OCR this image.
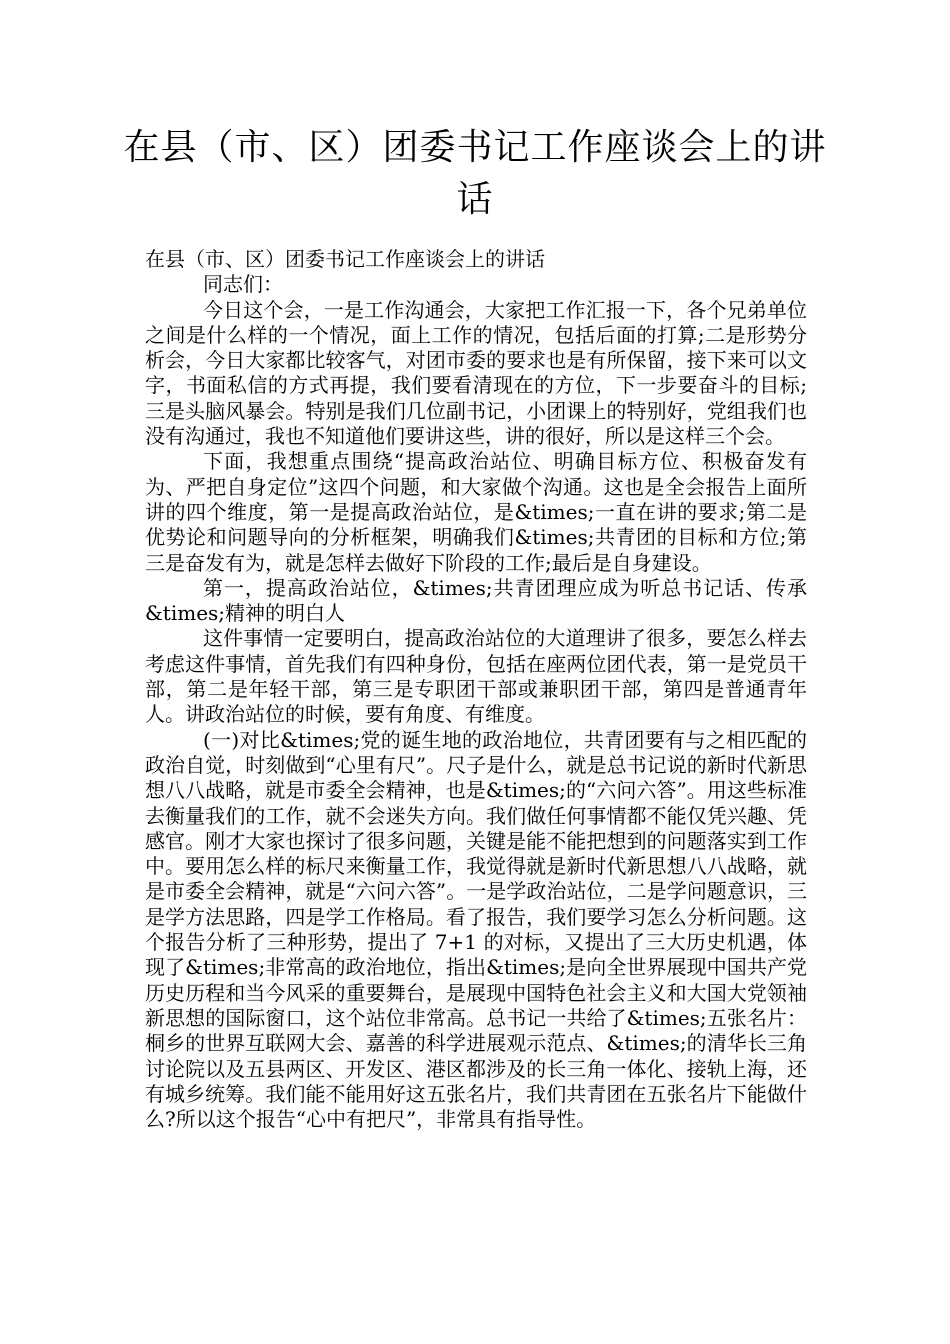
在县（市、区）团委书记工作座谈会上的讲话

在县（市、区）团委书记工作座谈会上的讲话

同志们：

今日这个会，一是工作沟通会，大家把工作汇报一下，各个兄弟单位之间是什么样的一个情况，面上工作的情况，包括后面的打算;二是形势分析会，今日大家都比较客气，对团市委的要求也是有所保留，接下来可以文字，书面私信的方式再提，我们要看清现在的方位，下一步要奋斗的目标;三是头脑风暴会。特别是我们几位副书记，小团课上的特别好，党组我们也没有沟通过，我也不知道他们要讲这些，讲的很好，所以是这样三个会。

下面，我想重点围绕“提高政治站位、明确目标方位、积极奋发有为、严把自身定位”这四个问题，和大家做个沟通。这也是全会报告上面所讲的四个维度，第一是提高政治站位，是&times;一直在讲的要求;第二是优势论和问题导向的分析框架，明确我们&times;共青团的目标和方位;第三是奋发有为，就是怎样去做好下阶段的工作;最后是自身建设。

第一，提高政治站位，&times;共青团理应成为听总书记话、传承&times;精神的明白人

这件事情一定要明白，提高政治站位的大道理讲了很多，要怎么样去考虑这件事情，首先我们有四种身份，包括在座两位团代表，第一是党员干部，第二是年轻干部，第三是专职团干部或兼职团干部，第四是普通青年人。讲政治站位的时候，要有角度、有维度。

(一)对比&times;党的诞生地的政治地位，共青团要有与之相匹配的政治自觉，时刻做到“心里有尺”。尺子是什么，就是总书记说的新时代新思想八八战略，就是市委全会精神，也是&times;的“六问六答”。用这些标准去衡量我们的工作，就不会迷失方向。我们做任何事情都不能仅凭兴趣、凭感官。刚才大家也探讨了很多问题，关键是能不能把想到的问题落实到工作中。要用怎么样的标尺来衡量工作，我觉得就是新时代新思想八八战略，就是市委全会精神，就是“六问六答”。一是学政治站位，二是学问题意识，三是学方法思路，四是学工作格局。看了报告，我们要学习怎么分析问题。这个报告分析了三种形势，提出了 7+1 的对标，又提出了三大历史机遇，体现了&times;非常高的政治地位，指出&times;是向全世界展现中国共产党历史历程和当今风采的重要舞台，是展现中国特色社会主义和大国大党领袖新思想的国际窗口，这个站位非常高。总书记一共给了&times;五张名片：桐乡的世界互联网大会、嘉善的科学进展观示范点、&times;的清华长三角讨论院以及五县两区、开发区、港区都涉及的长三角一体化、接轨上海，还有城乡统筹。我们能不能用好这五张名片，我们共青团在五张名片下能做什么?所以这个报告“心中有把尺”，非常具有指导性。
